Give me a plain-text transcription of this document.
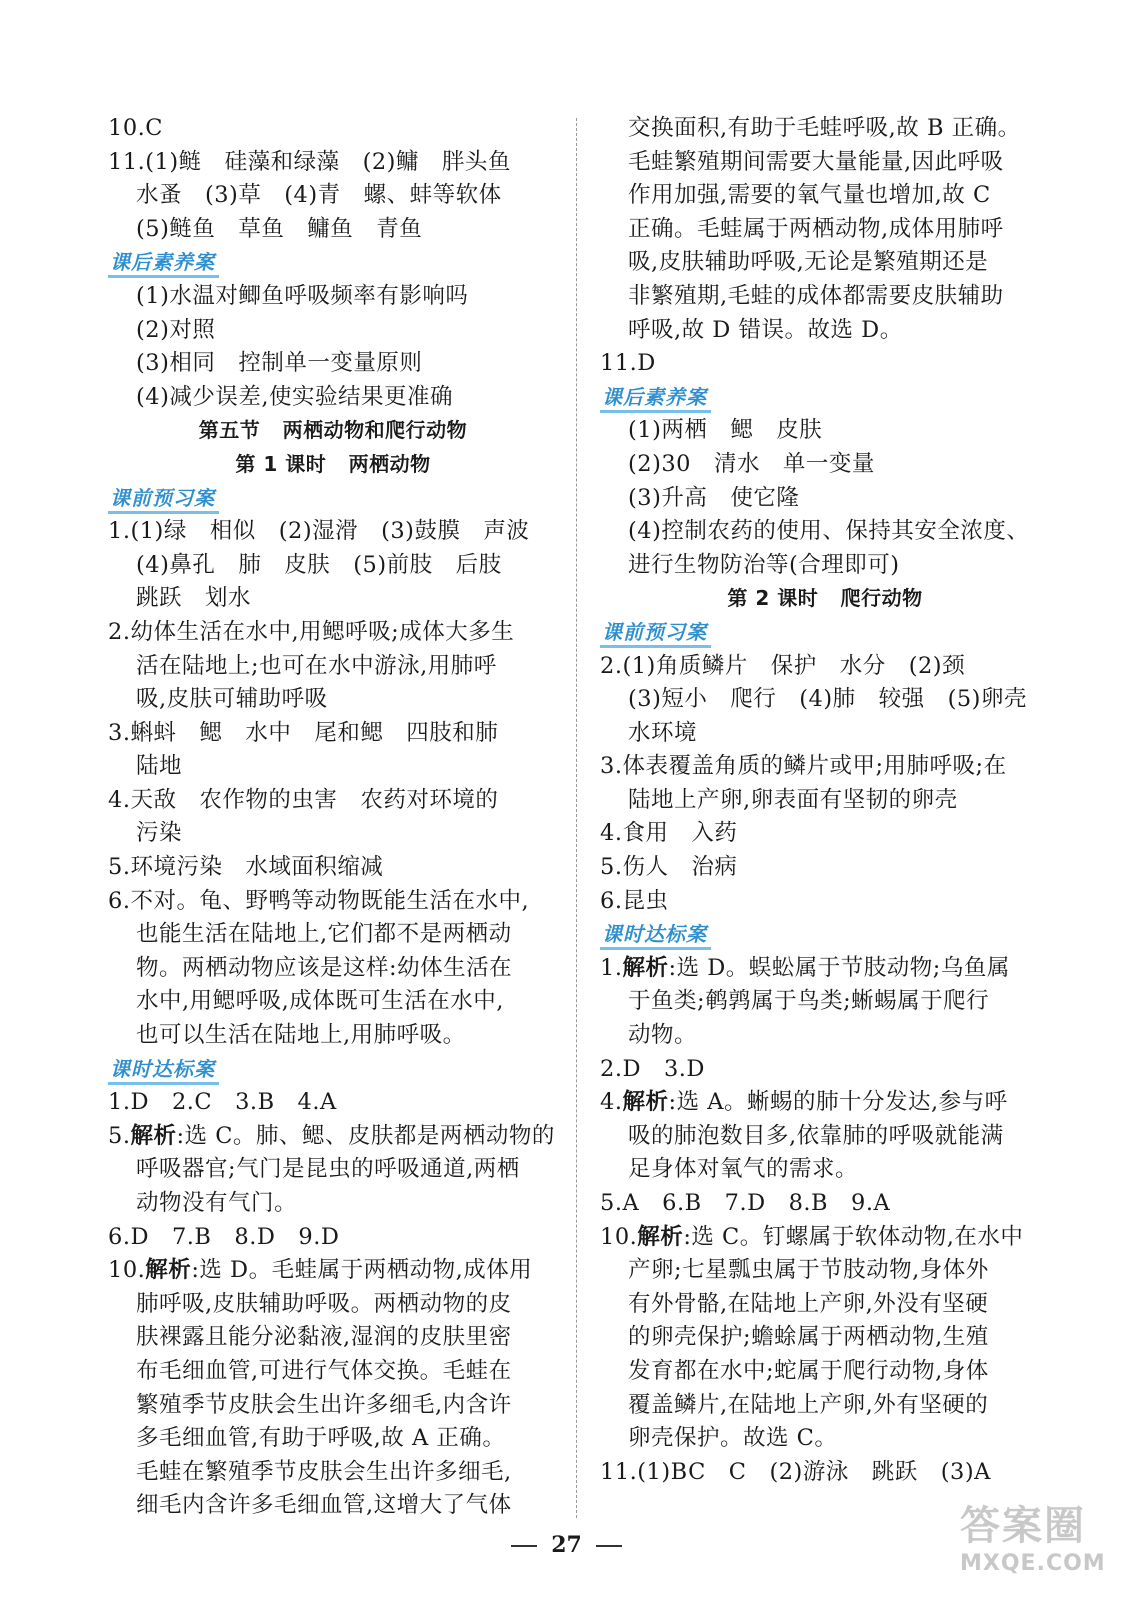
10.C
11.(1)鲢   硅藻和绿藻   (2)鳙   胖头鱼
水蚤   (3)草   (4)青   螺、蚌等软体
(5)鲢鱼   草鱼   鳙鱼   青鱼
课后素养案
(1)水温对鲫鱼呼吸频率有影响吗
(2)对照
(3)相同   控制单一变量原则
(4)减少误差,使实验结果更准确
第五节   两栖动物和爬行动物
第 1 课时   两栖动物
课前预习案
1.(1)绿   相似   (2)湿滑   (3)鼓膜   声波
(4)鼻孔   肺   皮肤   (5)前肢   后肢
跳跃   划水
2.幼体生活在水中,用鳃呼吸;成体大多生
活在陆地上;也可在水中游泳,用肺呼
吸,皮肤可辅助呼吸
3.蝌蚪   鳃   水中   尾和鳃   四肢和肺
陆地
4.天敌   农作物的虫害   农药对环境的
污染
5.环境污染   水域面积缩减
6.不对。龟、野鸭等动物既能生活在水中,
也能生活在陆地上,它们都不是两栖动
物。两栖动物应该是这样:幼体生活在
水中,用鳃呼吸,成体既可生活在水中,
也可以生活在陆地上,用肺呼吸。
课时达标案
1.D   2.C   3.B   4.A
5.解析:选 C。肺、鳃、皮肤都是两栖动物的
呼吸器官;气门是昆虫的呼吸通道,两栖
动物没有气门。
6.D   7.B   8.D   9.D
10.解析:选 D。毛蛙属于两栖动物,成体用
肺呼吸,皮肤辅助呼吸。两栖动物的皮
肤裸露且能分泌黏液,湿润的皮肤里密
布毛细血管,可进行气体交换。毛蛙在
繁殖季节皮肤会生出许多细毛,内含许
多毛细血管,有助于呼吸,故 A 正确。
毛蛙在繁殖季节皮肤会生出许多细毛,
细毛内含许多毛细血管,这增大了气体
交换面积,有助于毛蛙呼吸,故 B 正确。
毛蛙繁殖期间需要大量能量,因此呼吸
作用加强,需要的氧气量也增加,故 C
正确。毛蛙属于两栖动物,成体用肺呼
吸,皮肤辅助呼吸,无论是繁殖期还是
非繁殖期,毛蛙的成体都需要皮肤辅助
呼吸,故 D 错误。故选 D。
11.D
课后素养案
(1)两栖   鳃   皮肤
(2)30   清水   单一变量
(3)升高   使它隆
(4)控制农药的使用、保持其安全浓度、
进行生物防治等(合理即可)
第 2 课时   爬行动物
课前预习案
2.(1)角质鳞片   保护   水分   (2)颈
(3)短小   爬行   (4)肺   较强   (5)卵壳
水环境
3.体表覆盖角质的鳞片或甲;用肺呼吸;在
陆地上产卵,卵表面有坚韧的卵壳
4.食用   入药
5.伤人   治病
6.昆虫
课时达标案
1.解析:选 D。蜈蚣属于节肢动物;乌鱼属
于鱼类;鹌鹑属于鸟类;蜥蜴属于爬行
动物。
2.D   3.D
4.解析:选 A。蜥蜴的肺十分发达,参与呼
吸的肺泡数目多,依靠肺的呼吸就能满
足身体对氧气的需求。
5.A   6.B   7.D   8.B   9.A
10.解析:选 C。钉螺属于软体动物,在水中
产卵;七星瓢虫属于节肢动物,身体外
有外骨骼,在陆地上产卵,外没有坚硬
的卵壳保护;蟾蜍属于两栖动物,生殖
发育都在水中;蛇属于爬行动物,身体
覆盖鳞片,在陆地上产卵,外有坚硬的
卵壳保护。故选 C。
11.(1)BC   C   (2)游泳   跳跃   (3)A
27	答案圈
MXQE.COM
